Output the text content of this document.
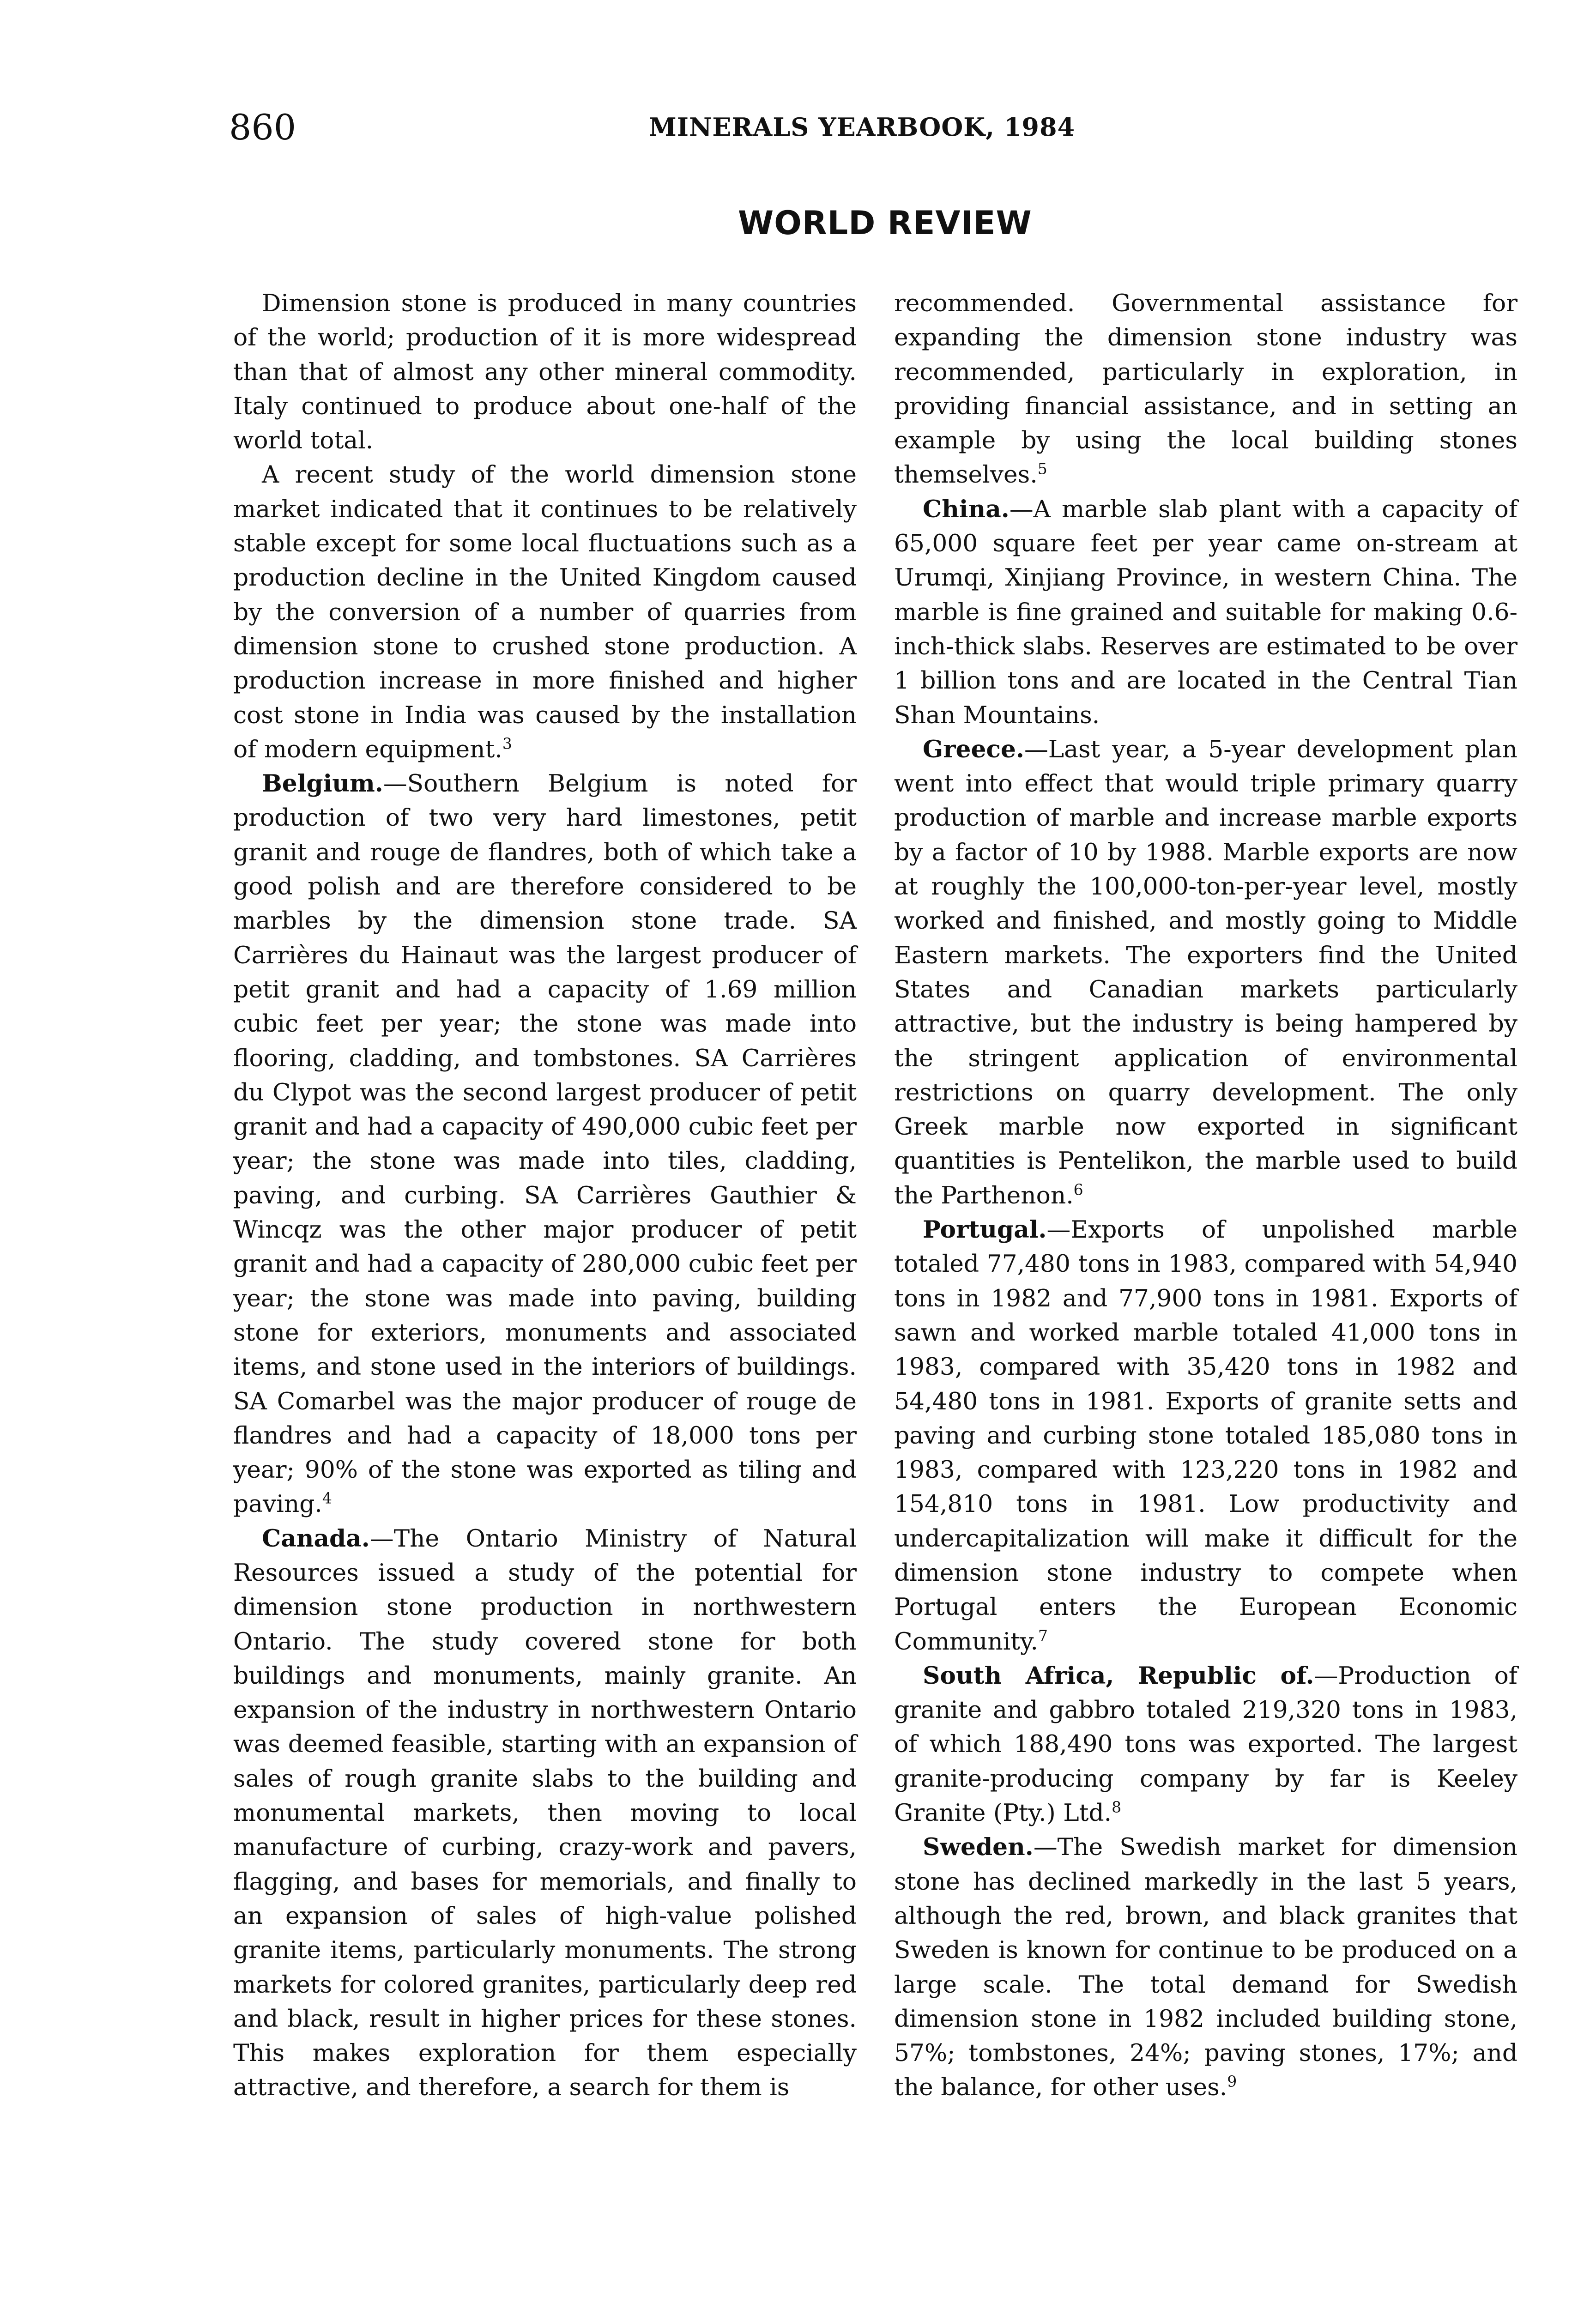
860	MINERALS YEARBOOK, 1984
WORLD REVIEW

Dimension stone is produced in many countries of the world; production of it is more widespread than that of almost any other mineral commodity. Italy continued to produce about one-half of the world total.

A recent study of the world dimension stone market indicated that it continues to be relatively stable except for some local fluctuations such as a production decline in the United Kingdom caused by the conversion of a number of quarries from dimension stone to crushed stone production. A production increase in more finished and higher cost stone in India was caused by the installation of modern equipment.$^3$

Belgium.—Southern Belgium is noted for production of two very hard limestones, petit granit and rouge de flandres, both of which take a good polish and are therefore considered to be marbles by the dimension stone trade. SA Carrières du Hainaut was the largest producer of petit granit and had a capacity of 1.69 million cubic feet per year; the stone was made into flooring, cladding, and tombstones. SA Carrières du Clypot was the second largest producer of petit granit and had a capacity of 490,000 cubic feet per year; the stone was made into tiles, cladding, paving, and curbing. SA Carrières Gauthier & Wincqz was the other major producer of petit granit and had a capacity of 280,000 cubic feet per year; the stone was made into paving, building stone for exteriors, monuments and associated items, and stone used in the interiors of buildings. SA Comarbel was the major producer of rouge de flandres and had a capacity of 18,000 tons per year; 90% of the stone was exported as tiling and paving.$^4$

Canada.—The Ontario Ministry of Natural Resources issued a study of the potential for dimension stone production in northwestern Ontario. The study covered stone for both buildings and monuments, mainly granite. An expansion of the industry in northwestern Ontario was deemed feasible, starting with an expansion of sales of rough granite slabs to the building and monumental markets, then moving to local manufacture of curbing, crazy-work and pavers, flagging, and bases for memorials, and finally to an expansion of sales of high-value polished granite items, particularly monuments. The strong markets for colored granites, particularly deep red and black, result in higher prices for these stones. This makes exploration for them especially attractive, and therefore, a search for them is

recommended. Governmental assistance for expanding the dimension stone industry was recommended, particularly in exploration, in providing financial assistance, and in setting an example by using the local building stones themselves.$^5$

China.—A marble slab plant with a capacity of 65,000 square feet per year came on-stream at Urumqi, Xinjiang Province, in western China. The marble is fine grained and suitable for making 0.6-inch-thick slabs. Reserves are estimated to be over 1 billion tons and are located in the Central Tian Shan Mountains.

Greece.—Last year, a 5-year development plan went into effect that would triple primary quarry production of marble and increase marble exports by a factor of 10 by 1988. Marble exports are now at roughly the 100,000-ton-per-year level, mostly worked and finished, and mostly going to Middle Eastern markets. The exporters find the United States and Canadian markets particularly attractive, but the industry is being hampered by the stringent application of environmental restrictions on quarry development. The only Greek marble now exported in significant quantities is Pentelikon, the marble used to build the Parthenon.$^6$

Portugal.—Exports of unpolished marble totaled 77,480 tons in 1983, compared with 54,940 tons in 1982 and 77,900 tons in 1981. Exports of sawn and worked marble totaled 41,000 tons in 1983, compared with 35,420 tons in 1982 and 54,480 tons in 1981. Exports of granite setts and paving and curbing stone totaled 185,080 tons in 1983, compared with 123,220 tons in 1982 and 154,810 tons in 1981. Low productivity and undercapitalization will make it difficult for the dimension stone industry to compete when Portugal enters the European Economic Community.$^7$

South Africa, Republic of.—Production of granite and gabbro totaled 219,320 tons in 1983, of which 188,490 tons was exported. The largest granite-producing company by far is Keeley Granite (Pty.) Ltd.$^8$

Sweden.—The Swedish market for dimension stone has declined markedly in the last 5 years, although the red, brown, and black granites that Sweden is known for continue to be produced on a large scale. The total demand for Swedish dimension stone in 1982 included building stone, 57%; tombstones, 24%; paving stones, 17%; and the balance, for other uses.$^9$
